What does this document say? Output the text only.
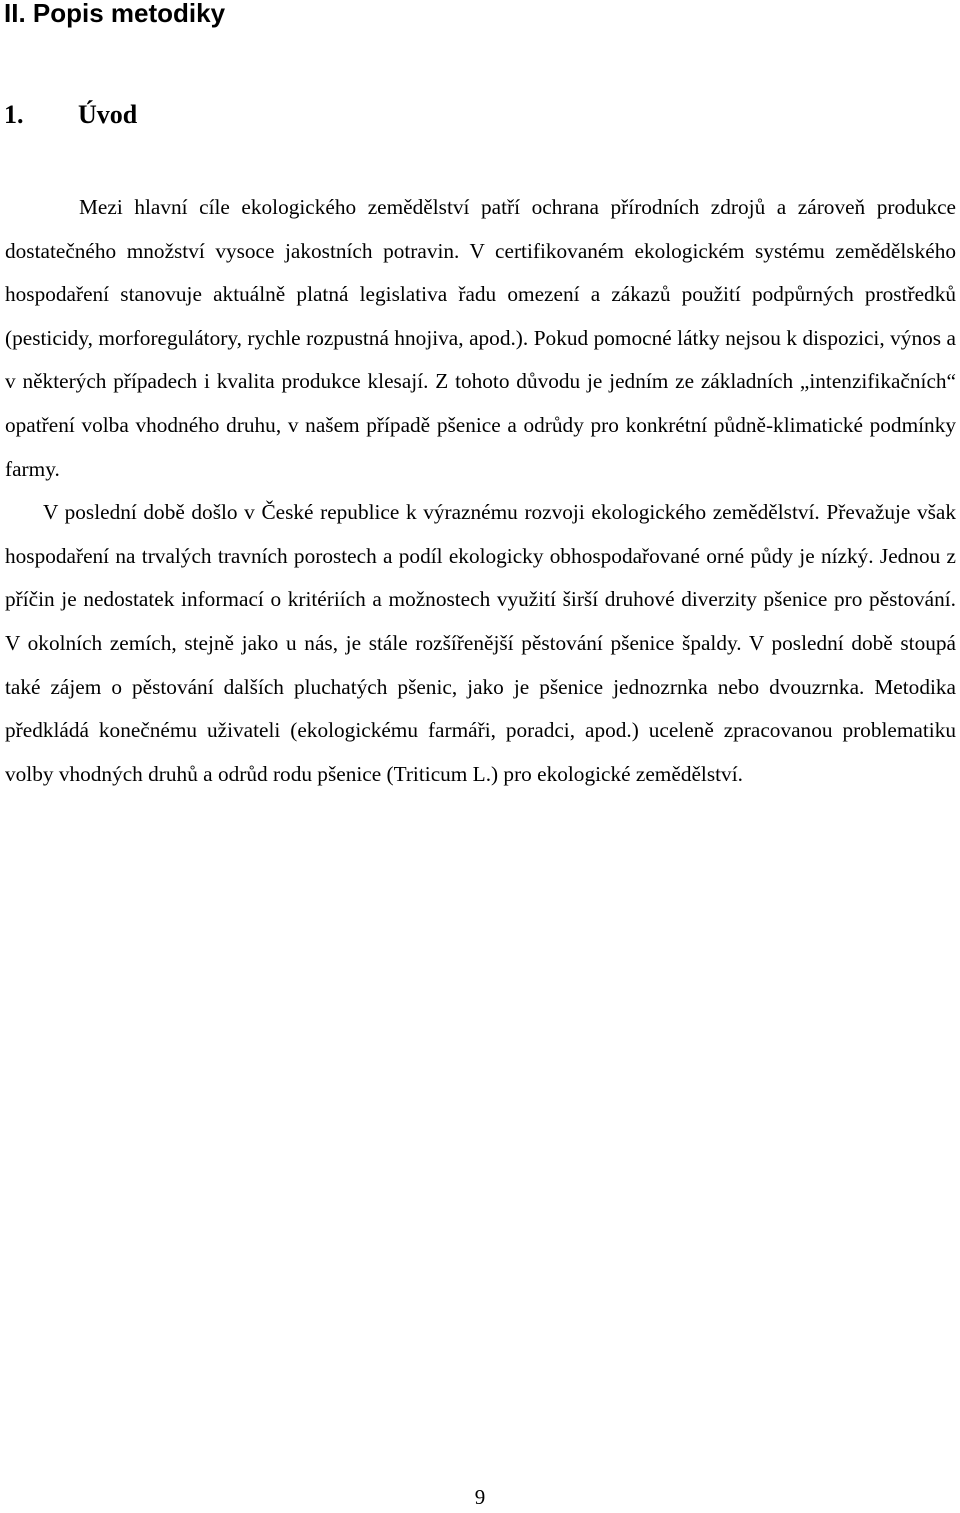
II. Popis metodiky
1. Úvod

Mezi hlavní cíle ekologického zemědělství patří ochrana přírodních zdrojů a zároveň produkce dostatečného množství vysoce jakostních potravin. V certifikovaném ekologickém systému zemědělského hospodaření stanovuje aktuálně platná legislativa řadu omezení a zákazů použití podpůrných prostředků (pesticidy, morforegulátory, rychle rozpustná hnojiva, apod.). Pokud pomocné látky nejsou k dispozici, výnos a v některých případech i kvalita produkce klesají. Z tohoto důvodu je jedním ze základních „intenzifikačních“ opatření volba vhodného druhu, v našem případě pšenice a odrůdy pro konkrétní půdně-klimatické podmínky farmy.

V poslední době došlo v České republice k výraznému rozvoji ekologického zemědělství. Převažuje však hospodaření na trvalých travních porostech a podíl ekologicky obhospodařované orné půdy je nízký. Jednou z příčin je nedostatek informací o kritériích a možnostech využití širší druhové diverzity pšenice pro pěstování. V okolních zemích, stejně jako u nás, je stále rozšířenější pěstování pšenice špaldy. V poslední době stoupá také zájem o pěstování dalších pluchatých pšenic, jako je pšenice jednozrnka nebo dvouzrnka. Metodika předkládá konečnému uživateli (ekologickému farmáři, poradci, apod.) uceleně zpracovanou problematiku volby vhodných druhů a odrůd rodu pšenice (Triticum L.) pro ekologické zemědělství.

9
